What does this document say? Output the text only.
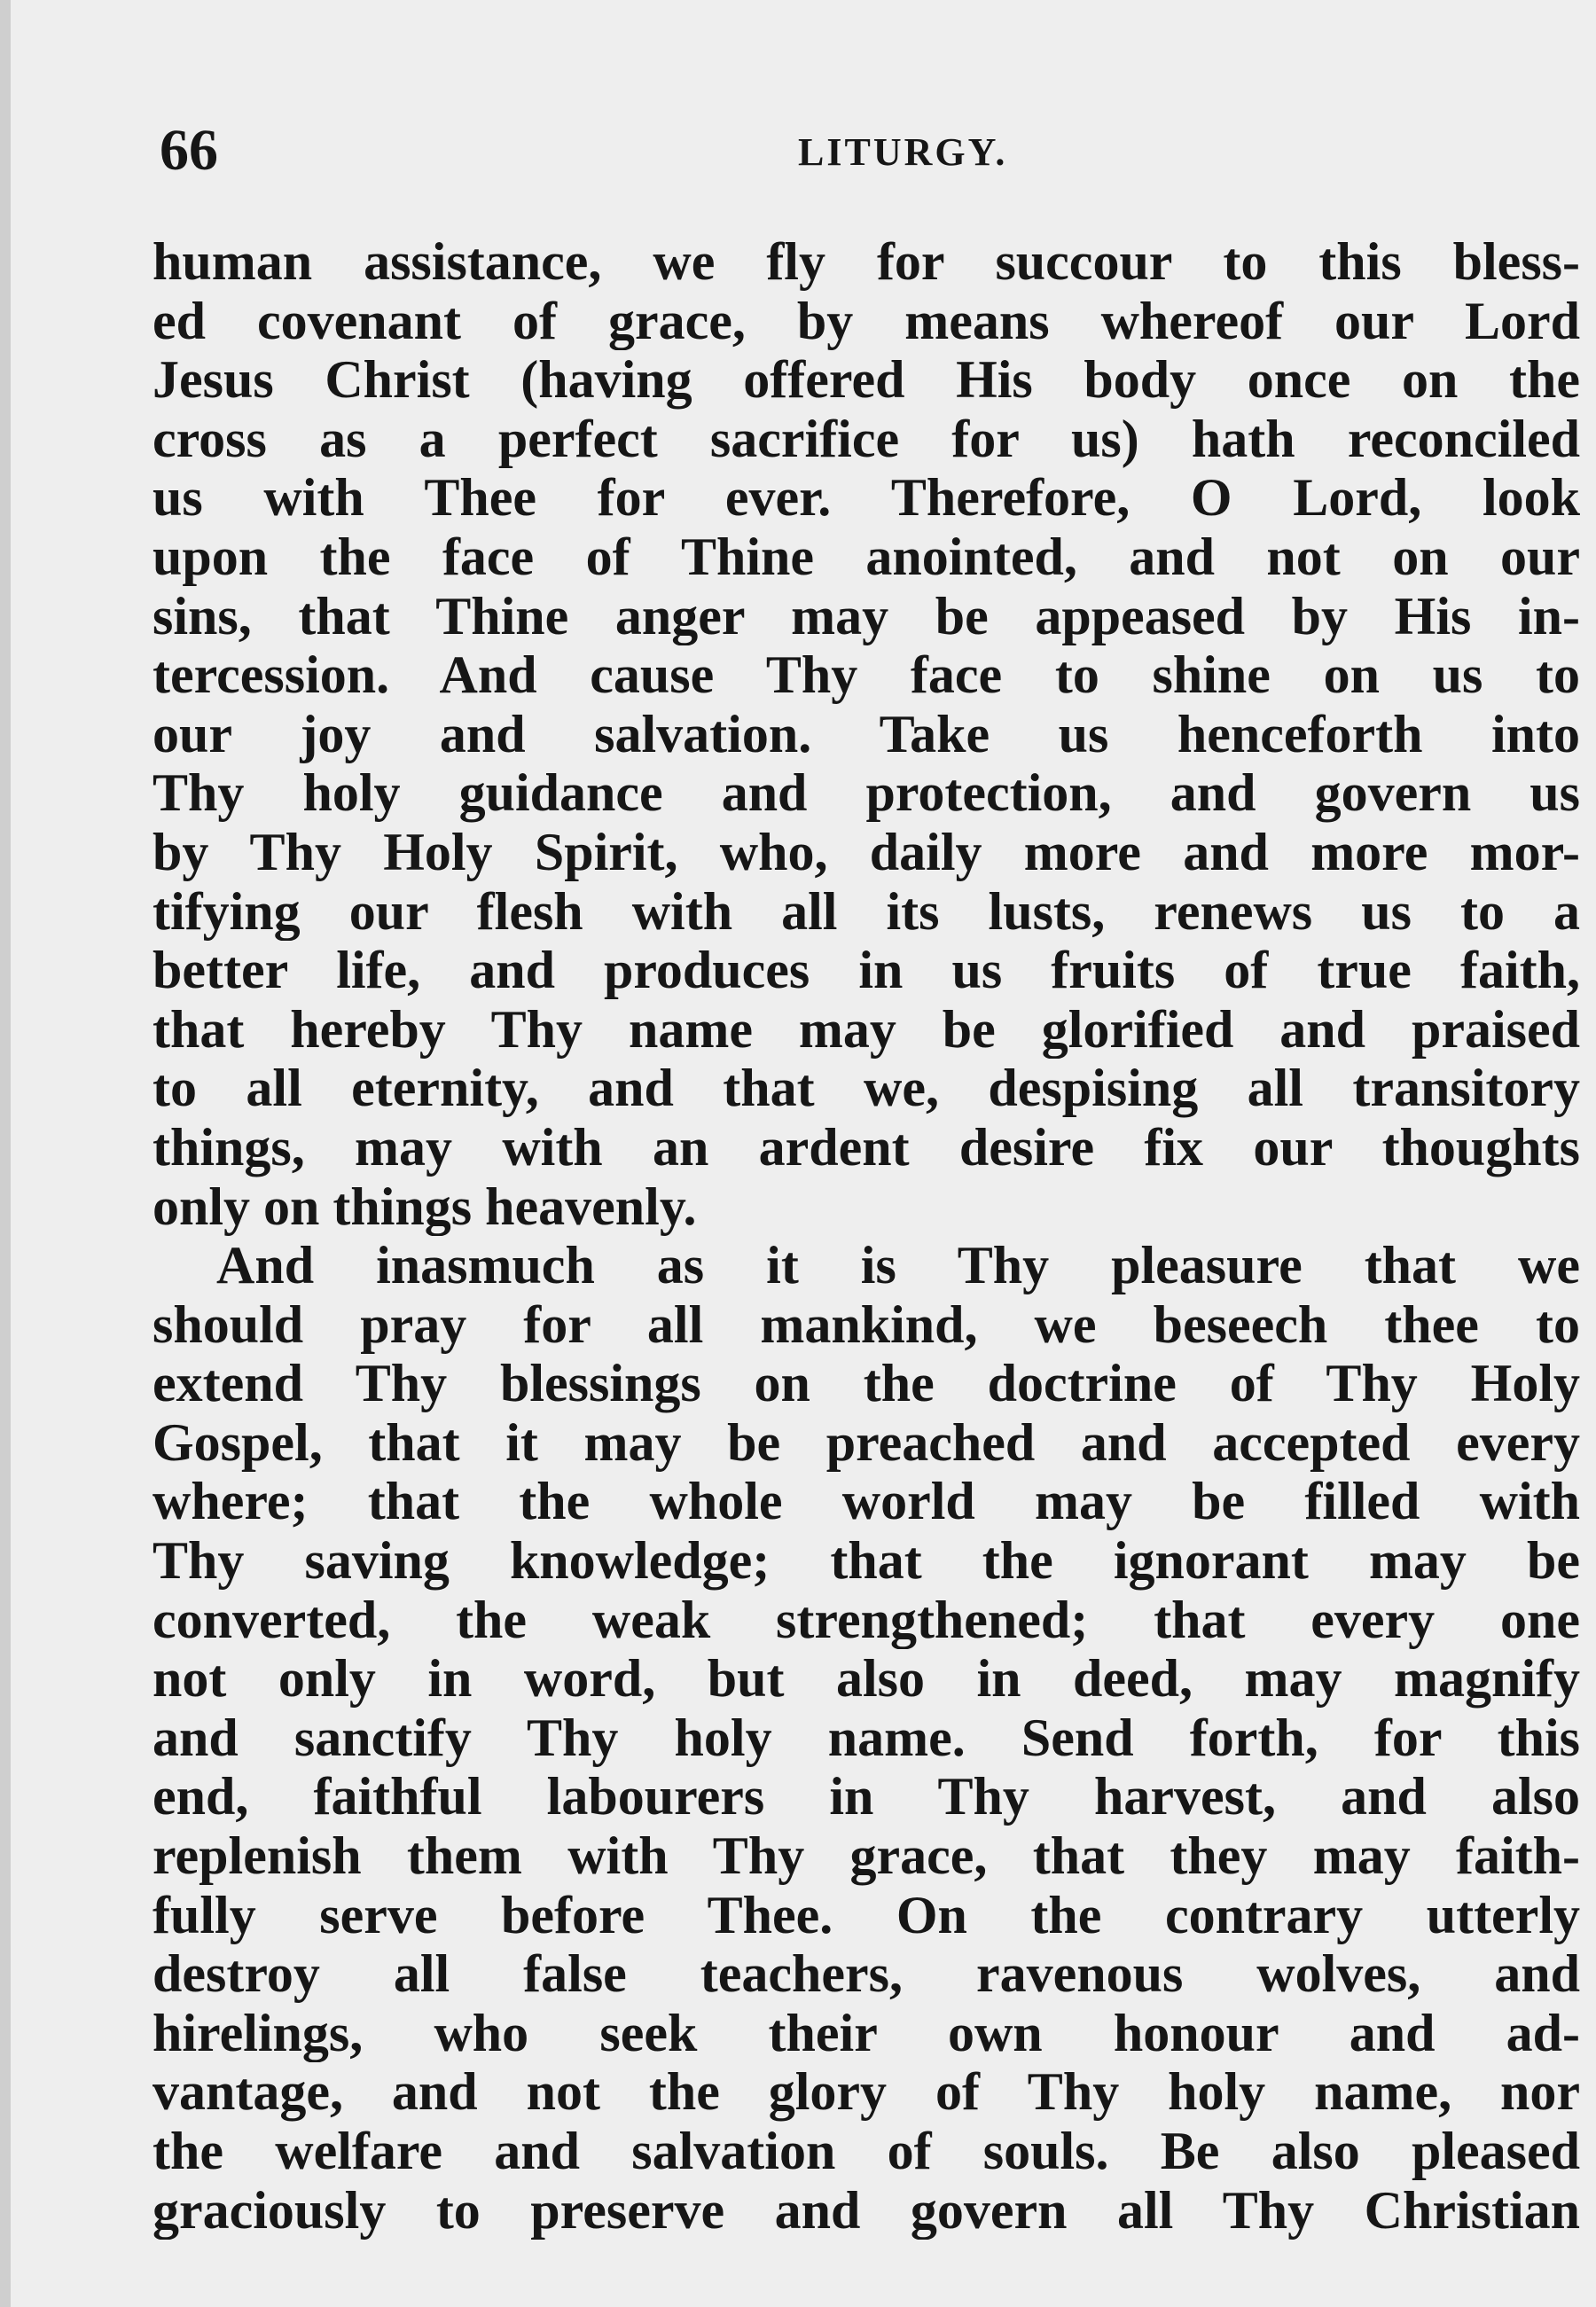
66	LITURGY.
human assistance, we fly for succour to this bless-
ed covenant of grace, by means whereof our Lord
Jesus Christ (having offered His body once on the
cross as a perfect sacrifice for us) hath reconciled
us with Thee for ever. Therefore, O Lord, look
upon the face of Thine anointed, and not on our
sins, that Thine anger may be appeased by His in-
tercession. And cause Thy face to shine on us to
our joy and salvation. Take us henceforth into
Thy holy guidance and protection, and govern us
by Thy Holy Spirit, who, daily more and more mor-
tifying our flesh with all its lusts, renews us to a
better life, and produces in us fruits of true faith,
that hereby Thy name may be glorified and praised
to all eternity, and that we, despising all transitory
things, may with an ardent desire fix our thoughts
only on things heavenly.
And inasmuch as it is Thy pleasure that we
should pray for all mankind, we beseech thee to
extend Thy blessings on the doctrine of Thy Holy
Gospel, that it may be preached and accepted every
where; that the whole world may be filled with
Thy saving knowledge; that the ignorant may be
converted, the weak strengthened; that every one
not only in word, but also in deed, may magnify
and sanctify Thy holy name. Send forth, for this
end, faithful labourers in Thy harvest, and also
replenish them with Thy grace, that they may faith-
fully serve before Thee. On the contrary utterly
destroy all false teachers, ravenous wolves, and
hirelings, who seek their own honour and ad-
vantage, and not the glory of Thy holy name, nor
the welfare and salvation of souls. Be also pleased
graciously to preserve and govern all Thy Christian
